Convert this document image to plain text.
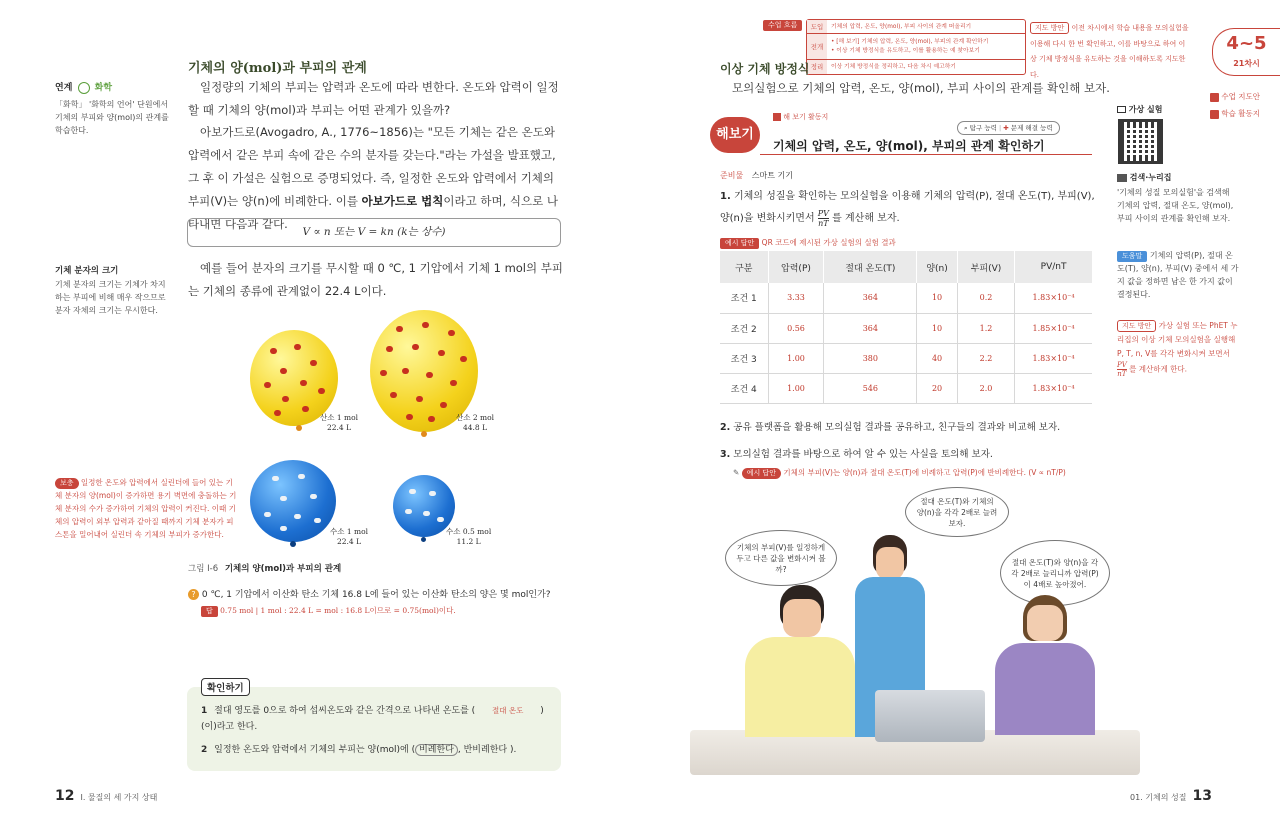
기체의 양(mol)과 부피의 관계
연계 화학
「화학」 '화학의 언어' 단원에서 기체의 부피와 양(mol)의 관계를 학습한다.
일정량의 기체의 부피는 압력과 온도에 따라 변한다. 온도와 압력이 일정할 때 기체의 양(mol)과 부피는 어떤 관계가 있을까?
아보가드로(Avogadro, A., 1776~1856)는 "모든 기체는 같은 온도와 압력에서 같은 부피 속에 같은 수의 분자를 갖는다."라는 가설을 발표했고, 그 후 이 가설은 실험으로 증명되었다. 즉, 일정한 온도와 압력에서 기체의 부피(V)는 양(n)에 비례한다. 이를 아보가드로 법칙이라고 하며, 식으로 나타내면 다음과 같다.
V ∝ n 또는 V = kn (k는 상수)
기체 분자의 크기
기체 분자의 크기는 기체가 차지하는 부피에 비해 매우 작으므로 분자 자체의 크기는 무시한다.
예를 들어 분자의 크기를 무시할 때 0 ℃, 1 기압에서 기체 1 mol의 부피는 기체의 종류에 관계없이 22.4 L이다.
산소 1 mol
22.4 L
산소 2 mol
44.8 L
수소 1 mol
22.4 L
수소 0.5 mol
11.2 L
보충 일정한 온도와 압력에서 실린더에 들어 있는 기체 분자의 양(mol)이 증가하면 용기 벽면에 충돌하는 기체 분자의 수가 증가하여 기체의 압력이 커진다. 이때 기체의 압력이 외부 압력과 같아질 때까지 기체 분자가 피스톤을 밀어내어 실린더 속 기체의 부피가 증가한다.
그림 I-6 기체의 양(mol)과 부피의 관계
? 0 ℃, 1 기압에서 이산화 탄소 기체 16.8 L에 들어 있는 이산화 탄소의 양은 몇 mol인가?
답 0.75 mol | 1 mol : 22.4 L = mol : 16.8 L이므로 = 0.75(mol)이다.
확인하기
1 절대 영도를 0으로 하여 섭씨온도와 같은 간격으로 나타낸 온도를 ( 절대 온도 )(이)라고 한다.
2 일정한 온도와 압력에서 기체의 부피는 양(mol)에 ( 비례한다 , 반비례한다 ).
12 I. 물질의 세 가지 상태
수업 흐름	도입	기체의 압력, 온도, 양(mol), 부피 사이의 관계 떠올리기
전개
• [해 보기] 기체의 압력, 온도, 양(mol), 부피의 관계 확인하기
• 이상 기체 방정식을 유도하고, 이를 활용하는 예 찾아보기
정리	이상 기체 방정식을 정리하고, 다음 차시 예고하기
지도 방안 이전 차시에서 학습 내용을 모의실험을 이용해 다시 한 번 확인하고, 이를 바탕으로 하여 이상 기체 방정식을 유도하는 것을 이해하도록 지도한다.
4~5
21차시
수업 지도안
학습 활동지
이상 기체 방정식
모의실험으로 기체의 압력, 온도, 양(mol), 부피 사이의 관계를 확인해 보자.
해보기
해 보기 활동지
⌕ 탐구 능력 | ✚ 문제 해결 능력
기체의 압력, 온도, 양(mol), 부피의 관계 확인하기
준비물 스마트 기기
1. 기체의 성질을 확인하는 모의실험을 이용해 기체의 압력(P), 절대 온도(T), 부피(V), 양(n)을 변화시키면서 $\frac{PV}{nT}$ 를 계산해 보자.
예시 답안 QR 코드에 제시된 가상 실험의 실험 결과
구분	압력(P)	절대 온도(T)	양(n)	부피(V)	PV/nT
조건 1	3.33	364	10	0.2	1.83×10⁻⁴
조건 2	0.56	364	10	1.2	1.85×10⁻⁴
조건 3	1.00	380	40	2.2	1.83×10⁻⁴
조건 4	1.00	546	20	2.0	1.83×10⁻⁴
2. 공유 플랫폼을 활용해 모의실험 결과를 공유하고, 친구들의 결과와 비교해 보자.
3. 모의실험 결과를 바탕으로 하여 알 수 있는 사실을 토의해 보자.
✎ 예시 답안 기체의 부피(V)는 양(n)과 절대 온도(T)에 비례하고 압력(P)에 반비례한다. (V ∝ nT/P)
절대 온도(T)와 기체의 양(n)을 각각 2배로 늘려 보자.
기체의 부피(V)를 일정하게 두고 다른 값을 변화시켜 볼까?
절대 온도(T)와 양(n)을 각각 2배로 늘리니까 압력(P)이 4배로 높아졌어.
가상 실험
검색·누리집
'기체의 성질 모의실험'을 검색해 기체의 압력, 절대 온도, 양(mol), 부피 사이의 관계를 확인해 보자.
도움말 기체의 압력(P), 절대 온도(T), 양(n), 부피(V) 중에서 세 가지 값을 정하면 남은 한 가지 값이 결정된다.
지도 방안 가상 실험 또는 PhET 누리집의 이상 기체 모의실험을 실행해 P, T, n, V를 각각 변화시켜 보면서
$\frac{PV}{nT}$ 를 계산하게 한다.
01. 기체의 성질 13
